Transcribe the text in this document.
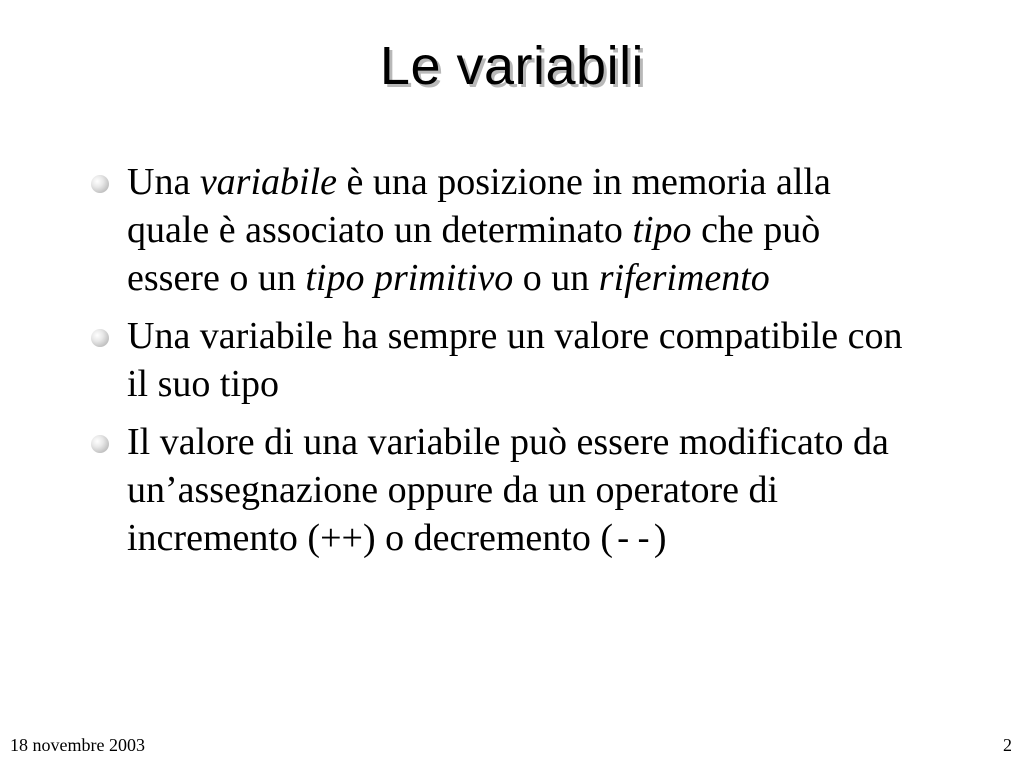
Le variabili
Una variabile è una posizione in memoria alla quale è associato un determinato tipo che può essere o un tipo primitivo o un riferimento
Una variabile ha sempre un valore compatibile con il suo tipo
Il valore di una variabile può essere modificato da un’assegnazione oppure da un operatore di incremento (++) o decremento (--)
18 novembre 2003	2
